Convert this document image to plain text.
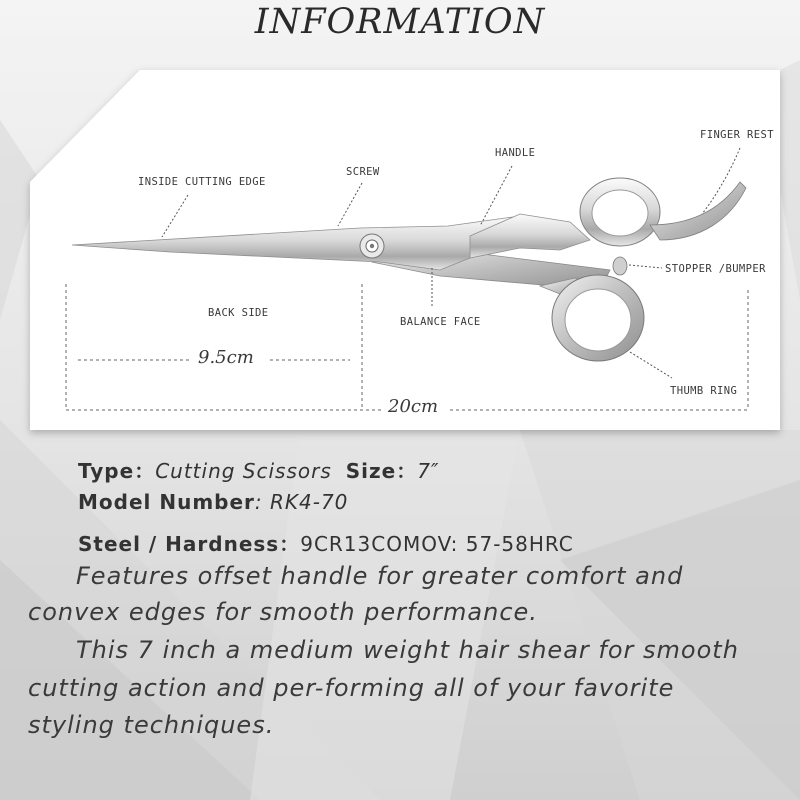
INFORMATION
INSIDE CUTTING EDGE
SCREW
HANDLE
FINGER REST
STOPPER /BUMPER
BACK SIDE
BALANCE FACE
THUMB RING
9.5cm
20cm
Type：Cutting Scissors Size：7″
Model Number: RK4-70
Steel / Hardness：9CR13COMOV: 57-58HRC
Features offset handle for greater comfort and
convex edges for smooth performance.
This 7 inch a medium weight hair shear for smooth
cutting action and per-forming all of your favorite
styling techniques.
